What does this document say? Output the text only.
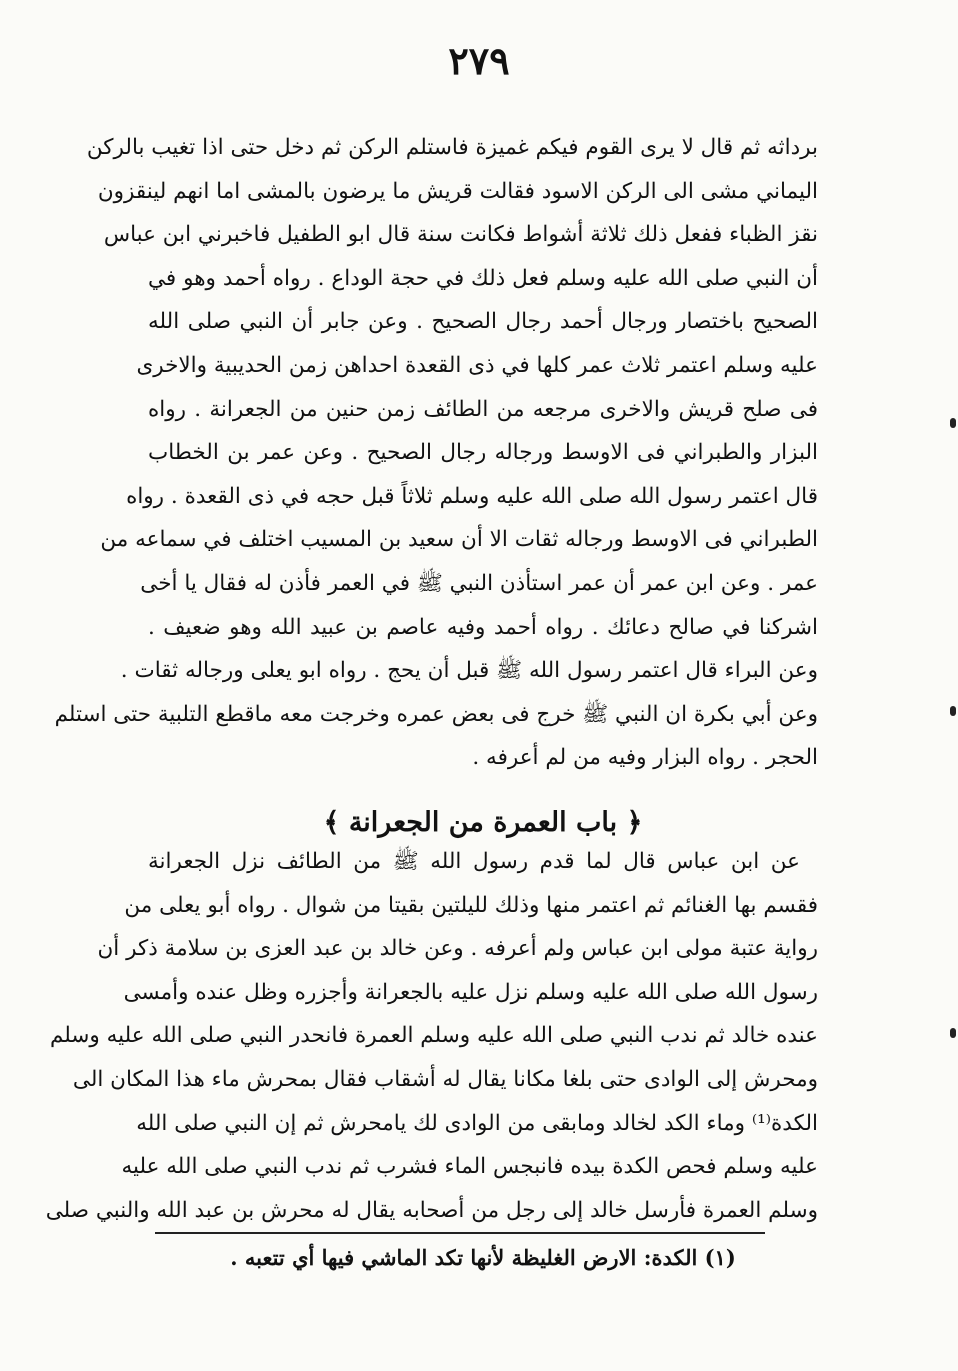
٢٧٩
برداثه ثم قال لا يرى القوم فيكم غميزة فاستلم الركن ثم دخل حتى اذا تغيب بالركن
اليماني مشى الى الركن الاسود فقالت قريش ما يرضون بالمشى اما انهم لينقزون
نقز الظباء ففعل ذلك ثلاثة أشواط فكانت سنة قال ابو الطفيل فاخبرني ابن عباس
أن النبي صلى الله عليه وسلم فعل ذلك في حجة الوداع . رواه أحمد وهو في
الصحيح باختصار ورجال أحمد رجال الصحيح . وعن جابر أن النبي صلى الله
عليه وسلم اعتمر ثلاث عمر كلها في ذى القعدة احداهن زمن الحديبية والاخرى
فى صلح قريش والاخرى مرجعه من الطائف زمن حنين من الجعرانة . رواه
البزار والطبراني فى الاوسط ورجاله رجال الصحيح . وعن عمر بن الخطاب
قال اعتمر رسول الله صلى الله عليه وسلم ثلاثاً قبل حجه في ذى القعدة . رواه
الطبراني فى الاوسط ورجاله ثقات الا أن سعيد بن المسيب اختلف في سماعه من
عمر . وعن ابن عمر أن عمر استأذن النبي ﷺ في العمر فأذن له فقال يا أخى
اشركنا في صالح دعائك . رواه أحمد وفيه عاصم بن عبيد الله وهو ضعيف .
وعن البراء قال اعتمر رسول الله ﷺ قبل أن يحج . رواه ابو يعلى ورجاله ثقات .
وعن أبي بكرة ان النبي ﷺ خرج فى بعض عمره وخرجت معه ماقطع التلبية حتى استلم
الحجر . رواه البزار وفيه من لم أعرفه .
﴿ باب العمرة من الجعرانة ﴾
عن ابن عباس قال لما قدم رسول الله ﷺ من الطائف نزل الجعرانة
فقسم بها الغنائم ثم اعتمر منها وذلك لليلتين بقيتا من شوال . رواه أبو يعلى من
رواية عتبة مولى ابن عباس ولم أعرفه . وعن خالد بن عبد العزى بن سلامة ذكر أن
رسول الله صلى الله عليه وسلم نزل عليه بالجعرانة وأجزره وظل عنده وأمسى
عنده خالد ثم ندب النبي صلى الله عليه وسلم العمرة فانحدر النبي صلى الله عليه وسلم
ومحرش إلى الوادى حتى بلغا مكانا يقال له أشقاب فقال بمحرش ماء هذا المكان الى
الكدة⁽¹⁾ وماء الكد لخالد ومابقى من الوادى لك يامحرش ثم إن النبي صلى الله
عليه وسلم فحص الكدة بيده فانبجس الماء فشرب ثم ندب النبي صلى الله عليه
وسلم العمرة فأرسل خالد إلى رجل من أصحابه يقال له محرش بن عبد الله والنبي صلى
(١) الكدة: الارض الغليظة لأنها تكد الماشي فيها أي تتعبه .
